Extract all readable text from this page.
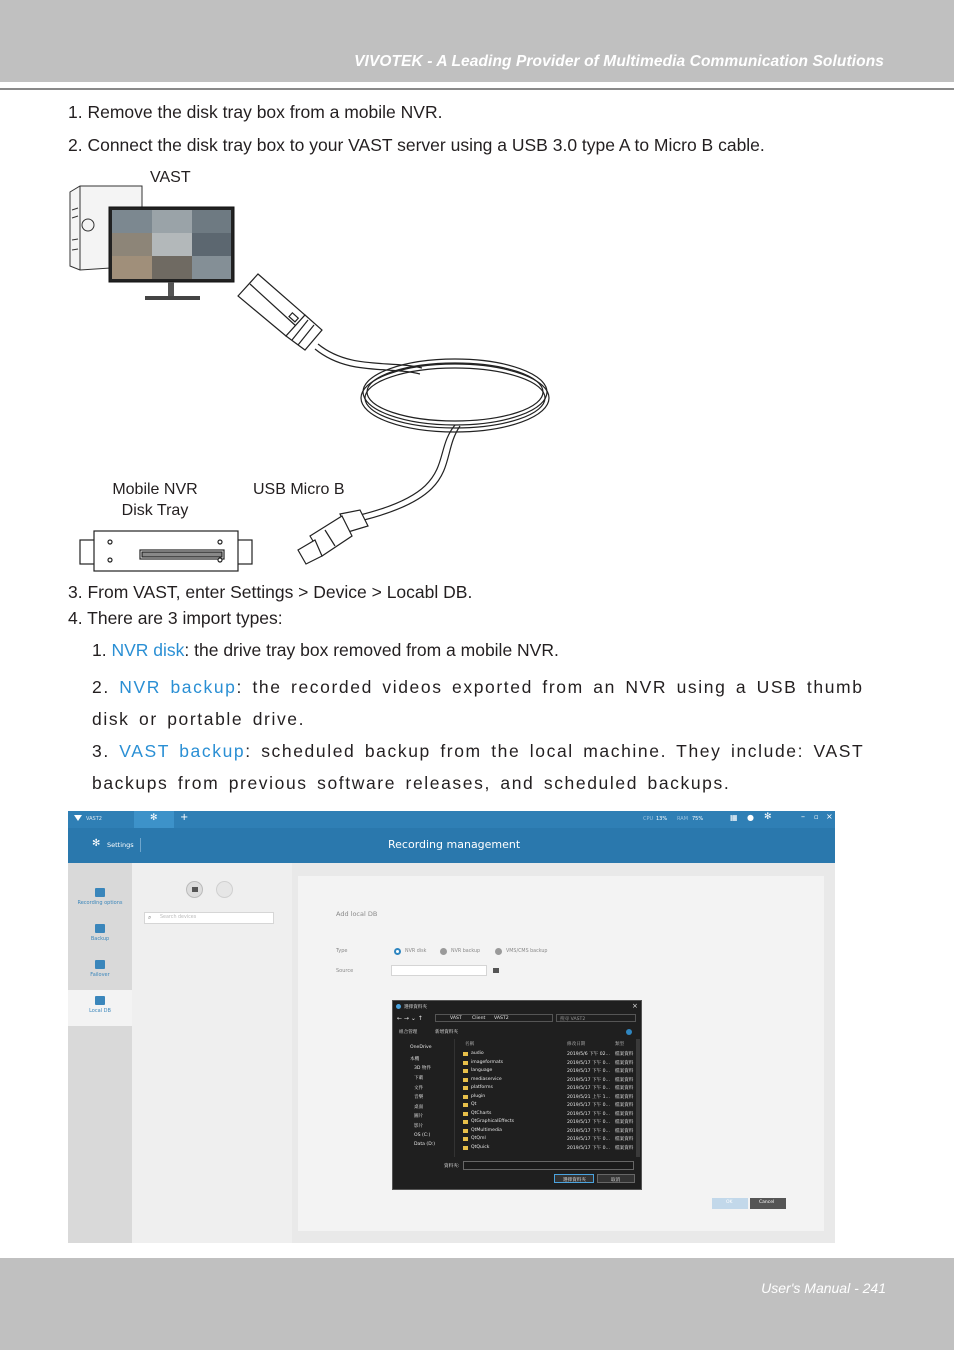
VIVOTEK - A Leading Provider of Multimedia Communication Solutions
1. Remove the disk tray box from a mobile NVR.
2. Connect the disk tray box to your VAST server using a USB 3.0 type A to Micro B cable.
VAST
Mobile NVR
Disk Tray
USB Micro B
3. From VAST, enter Settings > Device > Locabl DB.
4. There are 3 import types:
1. NVR disk: the drive tray box removed from a mobile NVR.
2. NVR backup: the recorded videos exported from an NVR using a USB thumb disk or portable drive.
3. VAST backup: scheduled backup from the local machine. They include: VAST backups from previous software releases, and scheduled backups.
VAST2	✻ +	CPU 13% RAM 75%	▦ ● ✻	– ▫ ×
✻ Settings	Recording management
Recording options
Backup
Failover
Local DB
⌕ Search devices	Add local DB
Type	NVR disk	NVR backup	VMS/CMS backup
Source
OK	Cancel
選擇資料夾	×
← → ⌄ ↑	VAST Client VAST2	搜尋 VAST2
組合管理	新增資料夾
OneDrive
本機
3D 物件
下載
文件
音樂
桌面
圖片
影片
OS (C:)
Data (D:)
名稱	修改日期	類型
audio	2019/5/6 下午 02... 檔案資料
imageformats	2019/5/17 下午 0... 檔案資料
language	2019/5/17 下午 0... 檔案資料
mediaservice	2019/5/17 下午 0... 檔案資料
platforms	2019/5/17 下午 0... 檔案資料
plugin	2019/5/21 上午 1... 檔案資料
Qt	2019/5/17 下午 0... 檔案資料
QtCharts	2019/5/17 下午 0... 檔案資料
QtGraphicalEffects	2019/5/17 下午 0... 檔案資料
QtMultimedia	2019/5/17 下午 0... 檔案資料
QtQml	2019/5/17 下午 0... 檔案資料
QtQuick	2019/5/17 下午 0... 檔案資料
資料夾:
選擇資料夾	取消
User's Manual - 241
